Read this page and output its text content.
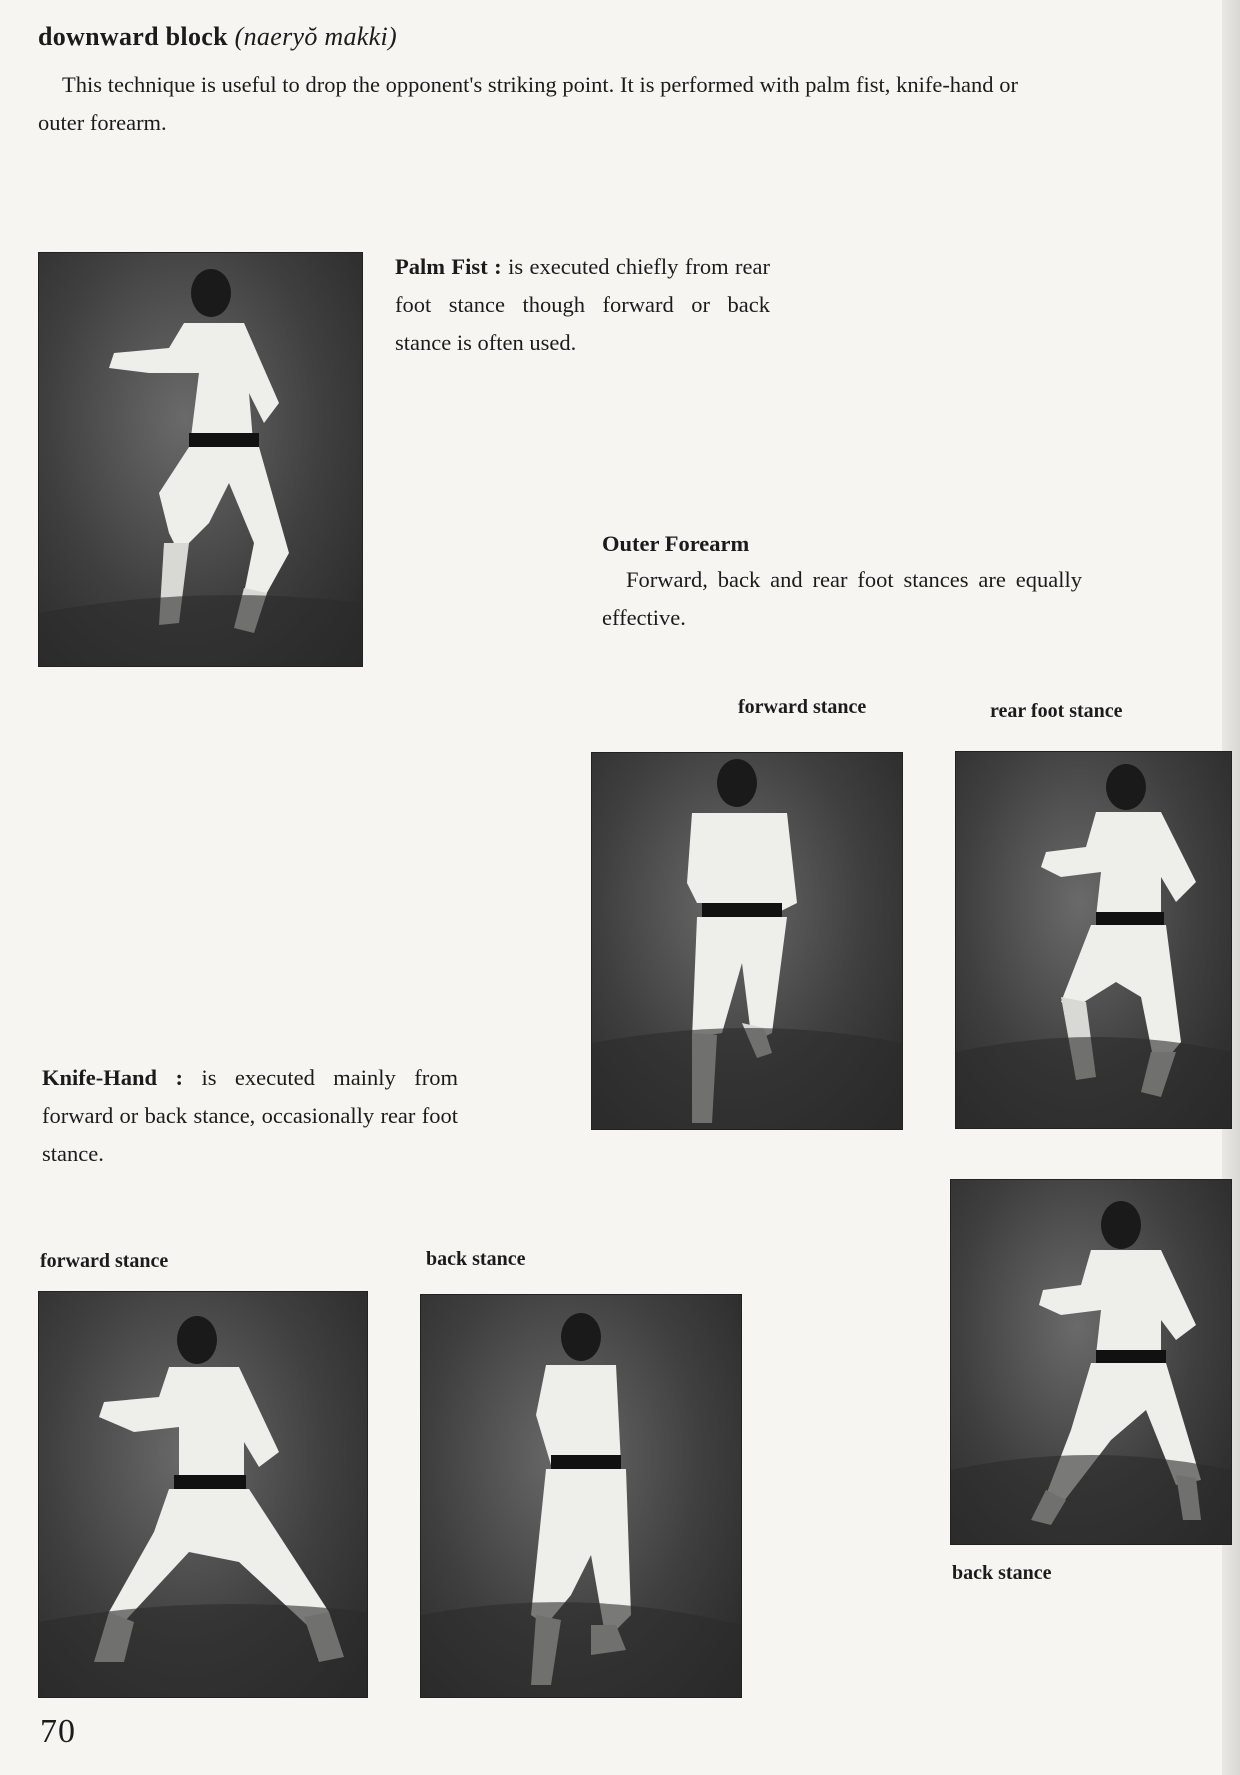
downward block (naeryŏ makki)
This technique is useful to drop the opponent's striking point. It is performed with palm fist, knife-hand or outer forearm.
Palm Fist : is executed chiefly from rear foot stance though forward or back stance is often used.
Outer Forearm
Forward, back and rear foot stances are equally effective.
forward stance	rear foot stance
Knife-Hand : is executed mainly from forward or back stance, occasionally rear foot stance.
back stance
forward stance	back stance
70
